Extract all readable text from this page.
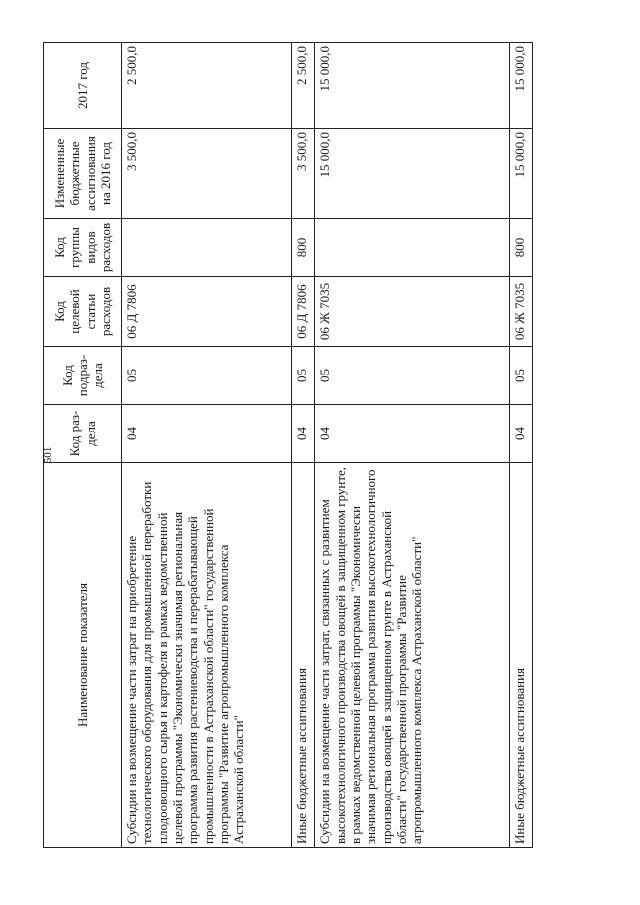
501
Наименование показателя	Код раз-дела	Код подраз-дела	Код целевой статьи расходов	Код группы видов расходов	Измененные бюджетные ассигнования на 2016 год	2017 год
Субсидии на возмещение части затрат на приобретение технологического оборудования для промышленной переработки плодоовощного сырья и картофеля в рамках ведомственной целевой программы "Экономически значимая региональная программа развития растениеводства и перерабатывающей промышленности в Астраханской области" государственной программы "Развитие агропромышленного комплекса Астраханской области"	04	05	06 Д 7806		3 500,0	2 500,0
Иные бюджетные ассигнования	04	05	06 Д 7806	800	3 500,0	2 500,0
Субсидии на возмещение части затрат, связанных с развитием высокотехнологичного производства овощей в защищенном грунте, в рамках ведомственной целевой программы "Экономически значимая региональная программа развития высокотехнологичного производства овощей в защищенном грунте в Астраханской области" государственной программы "Развитие агропромышленного комплекса Астраханской области"	04	05	06 Ж 7035		15 000,0	15 000,0
Иные бюджетные ассигнования	04	05	06 Ж 7035	800	15 000,0	15 000,0
